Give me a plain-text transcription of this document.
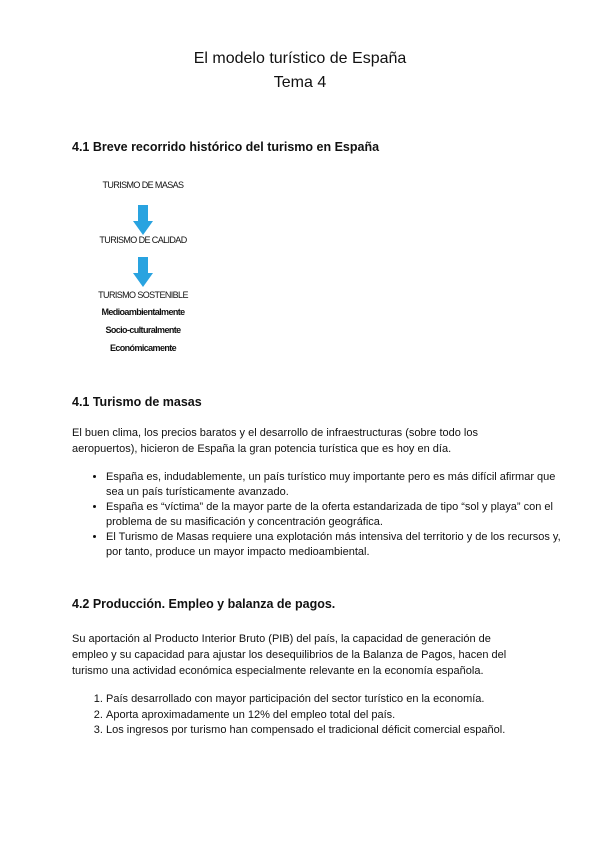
El modelo turístico de España
Tema 4
4.1 Breve recorrido histórico del turismo en España
TURISMO DE MASAS
TURISMO DE CALIDAD
TURISMO SOSTENIBLE
Medioambientalmente
Socio-culturalmente
Económicamente
4.1 Turismo de masas
El buen clima, los precios baratos y el desarrollo de infraestructuras (sobre todo los aeropuertos), hicieron de España la gran potencia turística que es hoy en día.
• España es, indudablemente, un país turístico muy importante pero es más difícil afirmar que sea un país turísticamente avanzado.
• España es “víctima” de la mayor parte de la oferta estandarizada de tipo “sol y playa” con el problema de su masificación y concentración geográfica.
• El Turismo de Masas requiere una explotación más intensiva del territorio y de los recursos y, por tanto, produce un mayor impacto medioambiental.
4.2 Producción. Empleo y balanza de pagos.
Su aportación al Producto Interior Bruto (PIB) del país, la capacidad de generación de empleo y su capacidad para ajustar los desequilibrios de la Balanza de Pagos, hacen del turismo una actividad económica especialmente relevante en la economía española.
1. País desarrollado con mayor participación del sector turístico en la economía.
2. Aporta aproximadamente un 12% del empleo total del país.
3. Los ingresos por turismo han compensado el tradicional déficit comercial español.
